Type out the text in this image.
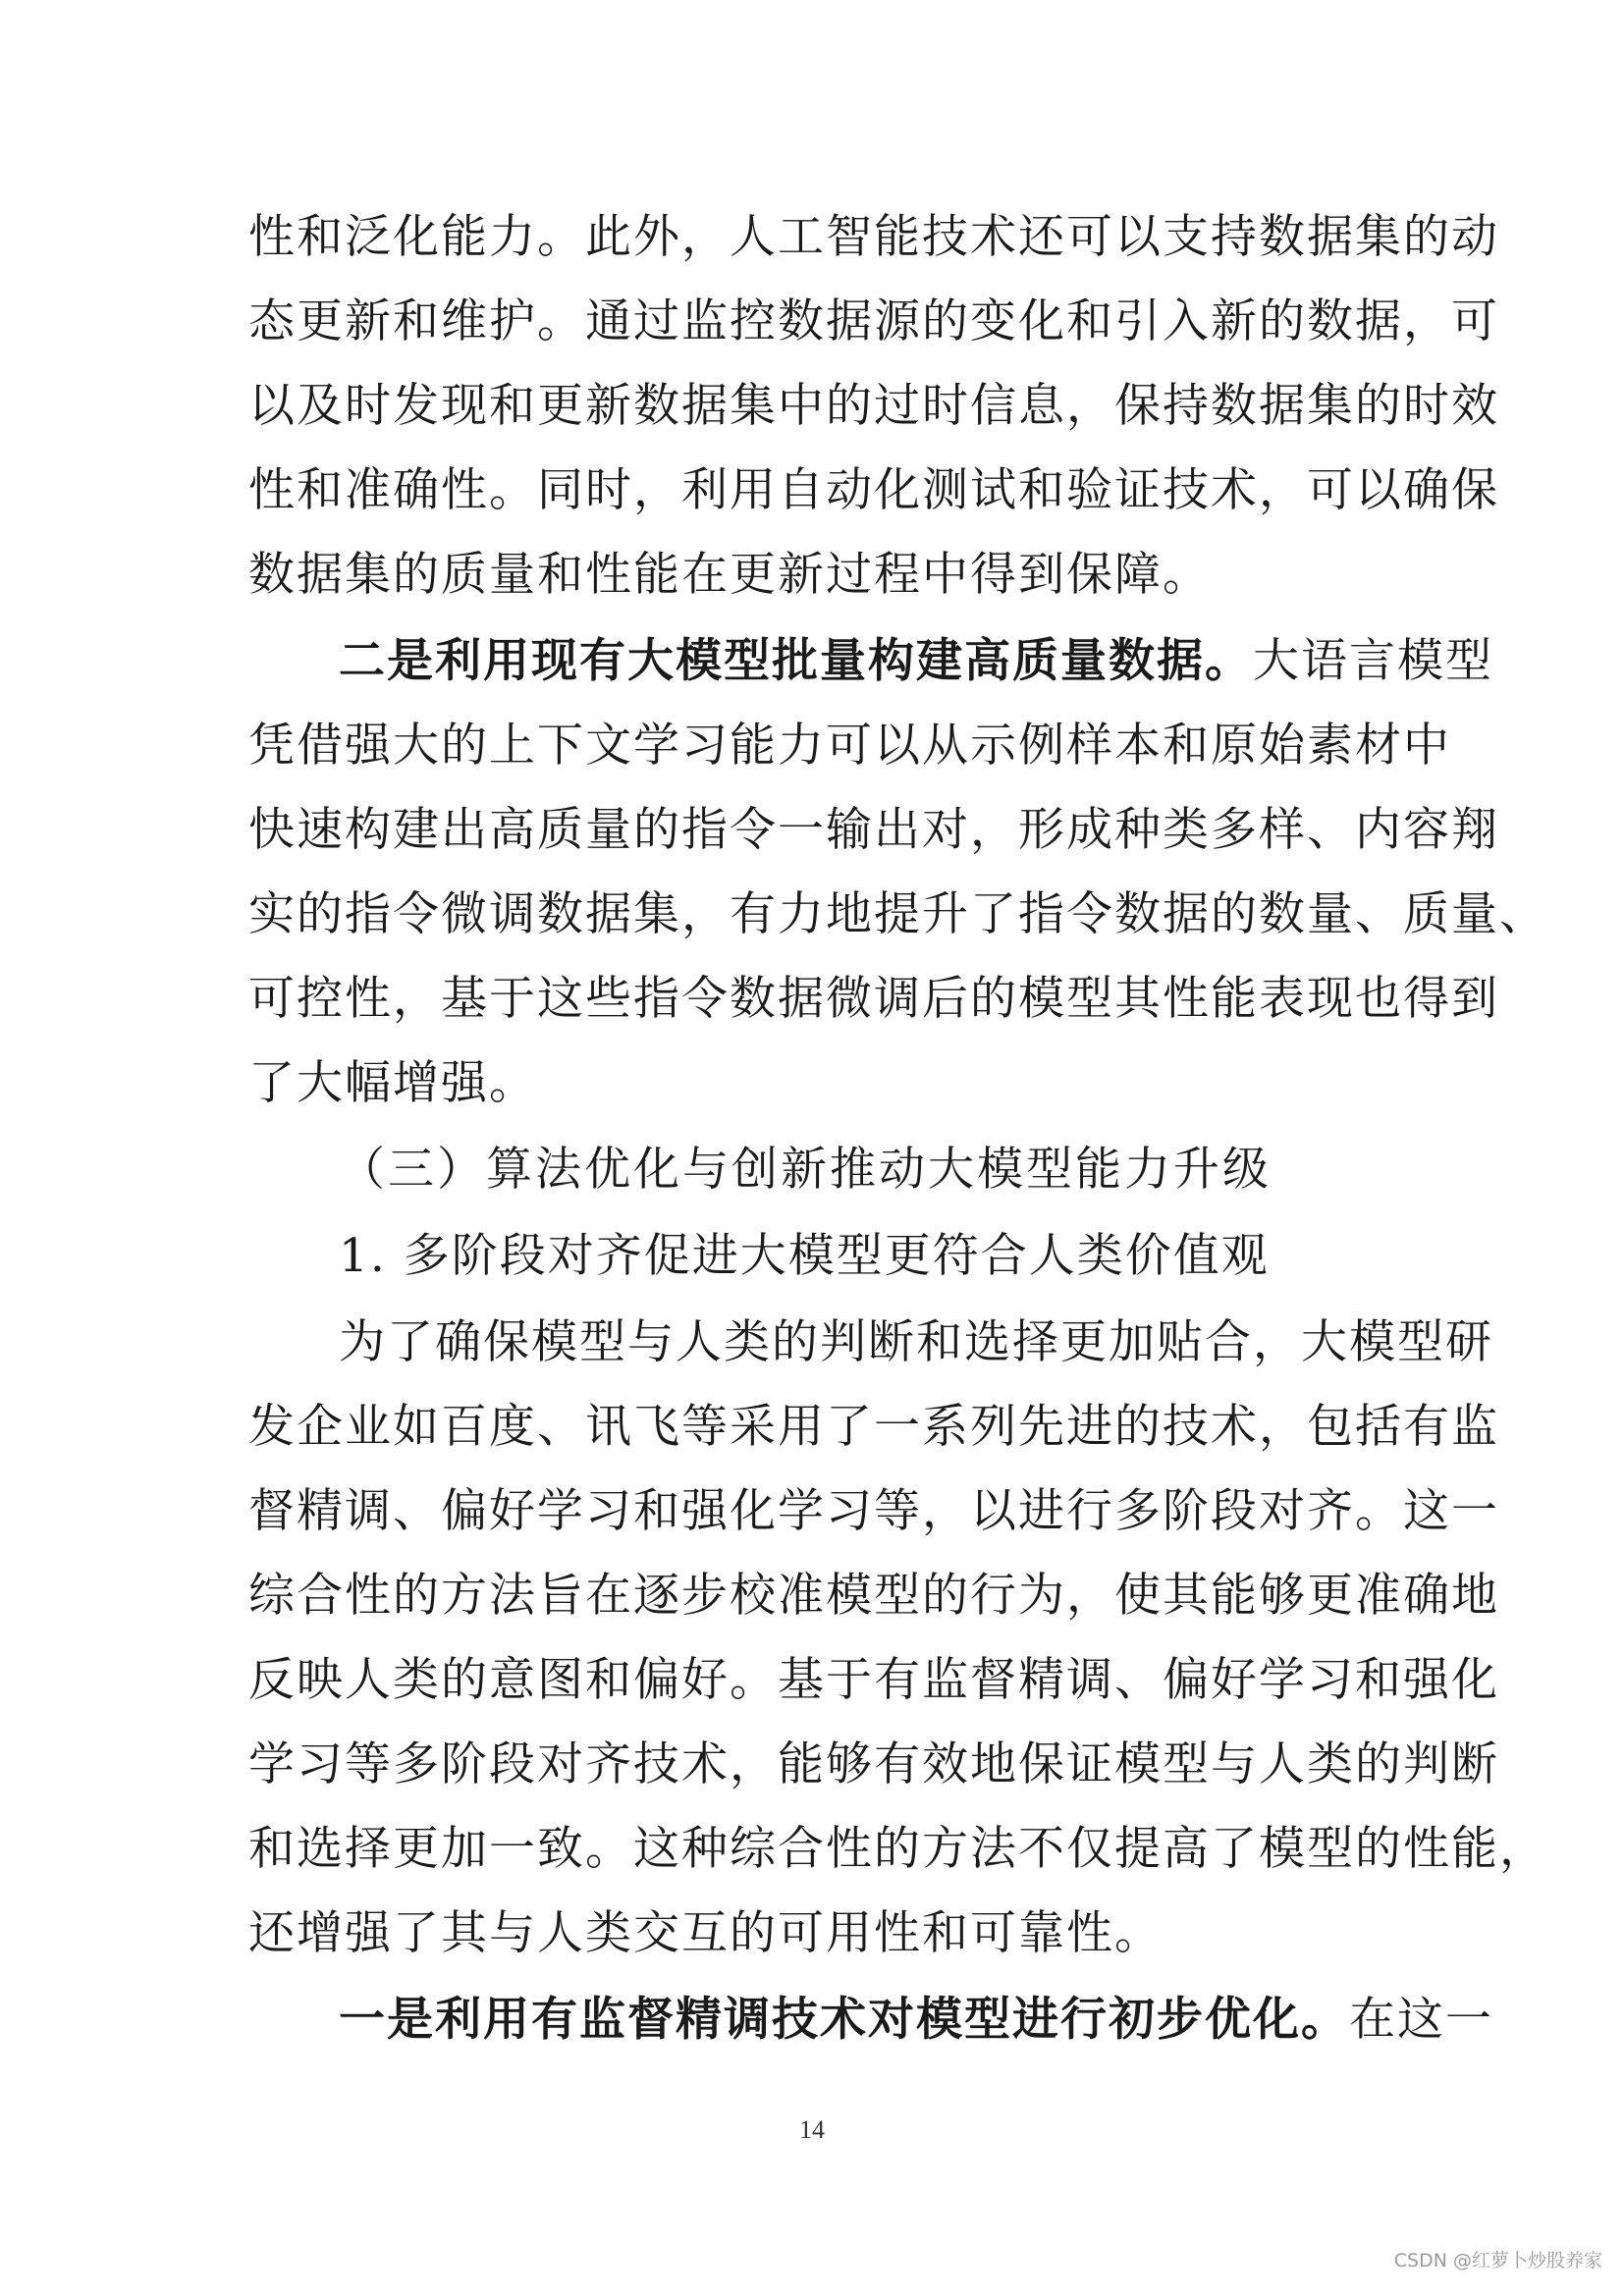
性和泛化能力。此外，人工智能技术还可以支持数据集的动
态更新和维护。通过监控数据源的变化和引入新的数据，可
以及时发现和更新数据集中的过时信息，保持数据集的时效
性和准确性。同时，利用自动化测试和验证技术，可以确保
数据集的质量和性能在更新过程中得到保障。
二是利用现有大模型批量构建高质量数据。大语言模型
凭借强大的上下文学习能力可以从示例样本和原始素材中
快速构建出高质量的指令一输出对，形成种类多样、内容翔
实的指令微调数据集，有力地提升了指令数据的数量、质量、
可控性，基于这些指令数据微调后的模型其性能表现也得到
了大幅增强。
（三）算法优化与创新推动大模型能力升级
1. 多阶段对齐促进大模型更符合人类价值观
为了确保模型与人类的判断和选择更加贴合，大模型研
发企业如百度、讯飞等采用了一系列先进的技术，包括有监
督精调、偏好学习和强化学习等，以进行多阶段对齐。这一
综合性的方法旨在逐步校准模型的行为，使其能够更准确地
反映人类的意图和偏好。基于有监督精调、偏好学习和强化
学习等多阶段对齐技术，能够有效地保证模型与人类的判断
和选择更加一致。这种综合性的方法不仅提高了模型的性能，
还增强了其与人类交互的可用性和可靠性。
一是利用有监督精调技术对模型进行初步优化。在这一
14
CSDN @红萝卜炒股养家
